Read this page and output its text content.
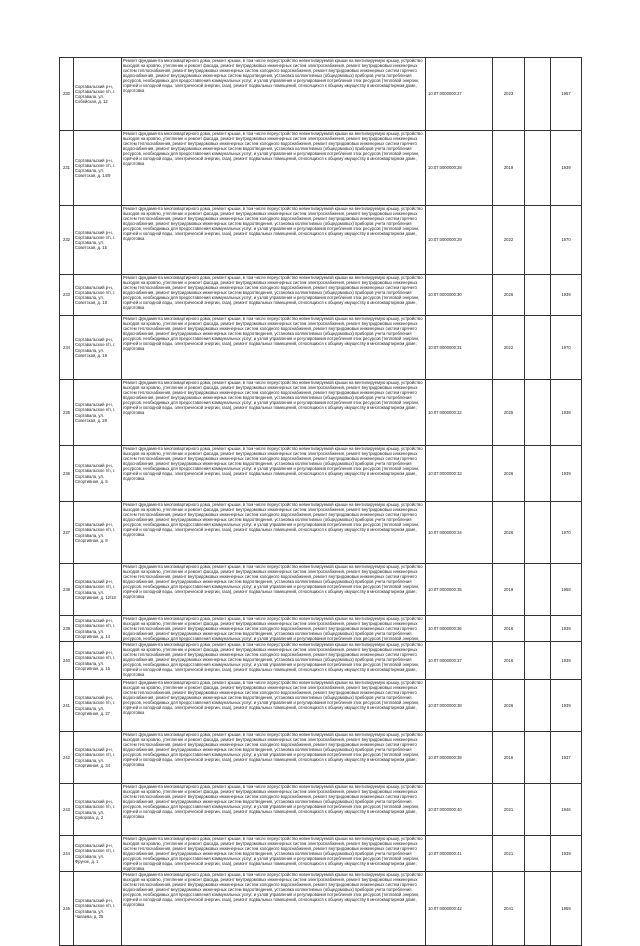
230	Сортавальский р-н, Сортавальское г/п, г. Сортавала, ул. Собейская, д. 12	Ремонт фундамента многоквартирного дома, ремонт крыши, в том числе переустройство невентилируемой крыши на вентилируемую крышу, устройство выходов на кровлю, утепление и ремонт фасада, ремонт внутридомовых инженерных систем электроснабжения, ремонт внутридомовых инженерных систем теплоснабжения, ремонт внутридомовых инженерных систем холодного водоснабжения, ремонт внутридомовых инженерных систем горячего водоснабжения, ремонт внутридомовых инженерных систем водоотведения, установка коллективных (общедомовых) приборов учета потребления ресурсов, необходимых для предоставления коммунальных услуг, и узлов управления и регулирования потребления этих ресурсов (тепловой энергии, горячей и холодной воды, электрической энергии, газа), ремонт подвальных помещений, относящихся к общему имуществу в многоквартирном доме, подготовка	10:07:0000000:27	2023		1957

231	Сортавальский р-н, Сортавальское г/п, г. Сортавала, ул. Советская, д. 14/9	Ремонт фундамента многоквартирного дома, ремонт крыши, в том числе переустройство невентилируемой крыши на вентилируемую крышу, устройство выходов на кровлю, утепление и ремонт фасада, ремонт внутридомовых инженерных систем электроснабжения, ремонт внутридомовых инженерных систем теплоснабжения, ремонт внутридомовых инженерных систем холодного водоснабжения, ремонт внутридомовых инженерных систем горячего водоснабжения, ремонт внутридомовых инженерных систем водоотведения, установка коллективных (общедомовых) приборов учета потребления ресурсов, необходимых для предоставления коммунальных услуг, и узлов управления и регулирования потребления этих ресурсов (тепловой энергии, горячей и холодной воды, электрической энергии, газа), ремонт подвальных помещений, относящихся к общему имуществу в многоквартирном доме, подготовка	10:07:0000000:28	2019		1939

232	Сортавальский р-н, Сортавальское г/п, г. Сортавала, ул. Советская, д. 15	Ремонт фундамента многоквартирного дома, ремонт крыши, в том числе переустройство невентилируемой крыши на вентилируемую крышу, устройство выходов на кровлю, утепление и ремонт фасада, ремонт внутридомовых инженерных систем электроснабжения, ремонт внутридомовых инженерных систем теплоснабжения, ремонт внутридомовых инженерных систем холодного водоснабжения, ремонт внутридомовых инженерных систем горячего водоснабжения, ремонт внутридомовых инженерных систем водоотведения, установка коллективных (общедомовых) приборов учета потребления ресурсов, необходимых для предоставления коммунальных услуг, и узлов управления и регулирования потребления этих ресурсов (тепловой энергии, горячей и холодной воды, электрической энергии, газа), ремонт подвальных помещений, относящихся к общему имуществу в многоквартирном доме, подготовка	10:07:0000000:29	2022		1970

233	Сортавальский р-н, Сортавальское г/п, г. Сортавала, ул. Советская, д. 18	Ремонт фундамента многоквартирного дома, ремонт крыши, в том числе переустройство невентилируемой крыши на вентилируемую крышу, устройство выходов на кровлю, утепление и ремонт фасада, ремонт внутридомовых инженерных систем электроснабжения, ремонт внутридомовых инженерных систем теплоснабжения, ремонт внутридомовых инженерных систем холодного водоснабжения, ремонт внутридомовых инженерных систем горячего водоснабжения, ремонт внутридомовых инженерных систем водоотведения, установка коллективных (общедомовых) приборов учета потребления ресурсов, необходимых для предоставления коммунальных услуг, и узлов управления и регулирования потребления этих ресурсов (тепловой энергии, горячей и холодной воды, электрической энергии, газа), ремонт подвальных помещений, относящихся к общему имуществу в многоквартирном доме, подготовка	10:07:0000000:30	2026		1939

234	Сортавальский р-н, Сортавальское г/п, г. Сортавала, ул. Советская, д. 19	Ремонт фундамента многоквартирного дома, ремонт крыши, в том числе переустройство невентилируемой крыши на вентилируемую крышу, устройство выходов на кровлю, утепление и ремонт фасада, ремонт внутридомовых инженерных систем электроснабжения, ремонт внутридомовых инженерных систем теплоснабжения, ремонт внутридомовых инженерных систем холодного водоснабжения, ремонт внутридомовых инженерных систем горячего водоснабжения, ремонт внутридомовых инженерных систем водоотведения, установка коллективных (общедомовых) приборов учета потребления ресурсов, необходимых для предоставления коммунальных услуг, и узлов управления и регулирования потребления этих ресурсов (тепловой энергии, горячей и холодной воды, электрической энергии, газа), ремонт подвальных помещений, относящихся к общему имуществу в многоквартирном доме, подготовка	10:07:0000000:31	2022		1970

235	Сортавальский р-н, Сортавальское г/п, г. Сортавала, ул. Советская, д. 28	Ремонт фундамента многоквартирного дома, ремонт крыши, в том числе переустройство невентилируемой крыши на вентилируемую крышу, устройство выходов на кровлю, утепление и ремонт фасада, ремонт внутридомовых инженерных систем электроснабжения, ремонт внутридомовых инженерных систем теплоснабжения, ремонт внутридомовых инженерных систем холодного водоснабжения, ремонт внутридомовых инженерных систем горячего водоснабжения, ремонт внутридомовых инженерных систем водоотведения, установка коллективных (общедомовых) приборов учета потребления ресурсов, необходимых для предоставления коммунальных услуг, и узлов управления и регулирования потребления этих ресурсов (тепловой энергии, горячей и холодной воды, электрической энергии, газа), ремонт подвальных помещений, относящихся к общему имуществу в многоквартирном доме, подготовка	10:07:0000000:32	2025		1938

236	Сортавальский р-н, Сортавальское г/п, г. Сортавала, ул. Спортивная, д. 5	Ремонт фундамента многоквартирного дома, ремонт крыши, в том числе переустройство невентилируемой крыши на вентилируемую крышу, устройство выходов на кровлю, утепление и ремонт фасада, ремонт внутридомовых инженерных систем электроснабжения, ремонт внутридомовых инженерных систем теплоснабжения, ремонт внутридомовых инженерных систем холодного водоснабжения, ремонт внутридомовых инженерных систем горячего водоснабжения, ремонт внутридомовых инженерных систем водоотведения, установка коллективных (общедомовых) приборов учета потребления ресурсов, необходимых для предоставления коммунальных услуг, и узлов управления и регулирования потребления этих ресурсов (тепловой энергии, горячей и холодной воды, электрической энергии, газа), ремонт подвальных помещений, относящихся к общему имуществу в многоквартирном доме, подготовка	10:07:0000000:33	2026		1939

237	Сортавальский р-н, Сортавальское г/п, г. Сортавала, ул. Спортивная, д. 8	Ремонт фундамента многоквартирного дома, ремонт крыши, в том числе переустройство невентилируемой крыши на вентилируемую крышу, устройство выходов на кровлю, утепление и ремонт фасада, ремонт внутридомовых инженерных систем электроснабжения, ремонт внутридомовых инженерных систем теплоснабжения, ремонт внутридомовых инженерных систем холодного водоснабжения, ремонт внутридомовых инженерных систем горячего водоснабжения, ремонт внутридомовых инженерных систем водоотведения, установка коллективных (общедомовых) приборов учета потребления ресурсов, необходимых для предоставления коммунальных услуг, и узлов управления и регулирования потребления этих ресурсов (тепловой энергии, горячей и холодной воды, электрической энергии, газа), ремонт подвальных помещений, относящихся к общему имуществу в многоквартирном доме, подготовка	10:07:0000000:34	2026		1970

238	Сортавальский р-н, Сортавальское г/п, г. Сортавала, ул. Спортивная, д. 12/18	Ремонт фундамента многоквартирного дома, ремонт крыши, в том числе переустройство невентилируемой крыши на вентилируемую крышу, устройство выходов на кровлю, утепление и ремонт фасада, ремонт внутридомовых инженерных систем электроснабжения, ремонт внутридомовых инженерных систем теплоснабжения, ремонт внутридомовых инженерных систем холодного водоснабжения, ремонт внутридомовых инженерных систем горячего водоснабжения, ремонт внутридомовых инженерных систем водоотведения, установка коллективных (общедомовых) приборов учета потребления ресурсов, необходимых для предоставления коммунальных услуг, и узлов управления и регулирования потребления этих ресурсов (тепловой энергии, горячей и холодной воды, электрической энергии, газа), ремонт подвальных помещений, относящихся к общему имуществу в многоквартирном доме, подготовка	10:07:0000000:35	2019		1958

239	Сортавальский р-н, Сортавальское г/п, г. Сортавала, ул. Спортивная, д. 14	Ремонт фундамента многоквартирного дома, ремонт крыши, в том числе переустройство невентилируемой крыши на вентилируемую крышу, устройство выходов на кровлю, утепление и ремонт фасада, ремонт внутридомовых инженерных систем электроснабжения, ремонт внутридомовых инженерных систем теплоснабжения, ремонт внутридомовых инженерных систем холодного водоснабжения, ремонт внутридомовых инженерных систем горячего водоснабжения, ремонт внутридомовых инженерных систем водоотведения, установка коллективных (общедомовых) приборов учета потребления ресурсов, необходимых для предоставления коммунальных услуг, и узлов управления и регулирования потребления этих ресурсов (тепловой энергии,	10:07:0000000:36	2016		1939

240	Сортавальский р-н, Сортавальское г/п, г. Сортавала, ул. Спортивная, д. 15	Ремонт фундамента многоквартирного дома, ремонт крыши, в том числе переустройство невентилируемой крыши на вентилируемую крышу, устройство выходов на кровлю, утепление и ремонт фасада, ремонт внутридомовых инженерных систем электроснабжения, ремонт внутридомовых инженерных систем теплоснабжения, ремонт внутридомовых инженерных систем холодного водоснабжения, ремонт внутридомовых инженерных систем горячего водоснабжения, ремонт внутридомовых инженерных систем водоотведения, установка коллективных (общедомовых) приборов учета потребления ресурсов, необходимых для предоставления коммунальных услуг, и узлов управления и регулирования потребления этих ресурсов (тепловой энергии, горячей и холодной воды, электрической энергии, газа), ремонт подвальных помещений, относящихся к общему имуществу в многоквартирном доме, подготовка	10:07:0000000:37	2016		1939

241	Сортавальский р-н, Сортавальское г/п, г. Сортавала, ул. Спортивная, д. 27	Ремонт фундамента многоквартирного дома, ремонт крыши, в том числе переустройство невентилируемой крыши на вентилируемую крышу, устройство выходов на кровлю, утепление и ремонт фасада, ремонт внутридомовых инженерных систем электроснабжения, ремонт внутридомовых инженерных систем теплоснабжения, ремонт внутридомовых инженерных систем холодного водоснабжения, ремонт внутридомовых инженерных систем горячего водоснабжения, ремонт внутридомовых инженерных систем водоотведения, установка коллективных (общедомовых) приборов учета потребления ресурсов, необходимых для предоставления коммунальных услуг, и узлов управления и регулирования потребления этих ресурсов (тепловой энергии, горячей и холодной воды, электрической энергии, газа), ремонт подвальных помещений, относящихся к общему имуществу в многоквартирном доме, подготовка	10:07:0000000:38	2026		1939

242	Сортавальский р-н, Сортавальское г/п, г. Сортавала, ул. Спортивная, д. 34	Ремонт фундамента многоквартирного дома, ремонт крыши, в том числе переустройство невентилируемой крыши на вентилируемую крышу, устройство выходов на кровлю, утепление и ремонт фасада, ремонт внутридомовых инженерных систем электроснабжения, ремонт внутридомовых инженерных систем теплоснабжения, ремонт внутридомовых инженерных систем холодного водоснабжения, ремонт внутридомовых инженерных систем горячего водоснабжения, ремонт внутридомовых инженерных систем водоотведения, установка коллективных (общедомовых) приборов учета потребления ресурсов, необходимых для предоставления коммунальных услуг, и узлов управления и регулирования потребления этих ресурсов (тепловой энергии, горячей и холодной воды, электрической энергии, газа), ремонт подвальных помещений, относящихся к общему имуществу в многоквартирном доме, подготовка	10:07:0000000:39	2016		1937

243	Сортавальский р-н, Сортавальское г/п, г. Сортавала, ул. Суворова, д. 2	Ремонт фундамента многоквартирного дома, ремонт крыши, в том числе переустройство невентилируемой крыши на вентилируемую крышу, устройство выходов на кровлю, утепление и ремонт фасада, ремонт внутридомовых инженерных систем электроснабжения, ремонт внутридомовых инженерных систем теплоснабжения, ремонт внутридомовых инженерных систем холодного водоснабжения, ремонт внутридомовых инженерных систем горячего водоснабжения, ремонт внутридомовых инженерных систем водоотведения, установка коллективных (общедомовых) приборов учета потребления ресурсов, необходимых для предоставления коммунальных услуг, и узлов управления и регулирования потребления этих ресурсов (тепловой энергии, горячей и холодной воды, электрической энергии, газа), ремонт подвальных помещений, относящихся к общему имуществу в многоквартирном доме, подготовка	10:07:0000000:40	2021		1946

244	Сортавальский р-н, Сортавальское г/п, г. Сортавала, ул. Фрунзе, д. 1	Ремонт фундамента многоквартирного дома, ремонт крыши, в том числе переустройство невентилируемой крыши на вентилируемую крышу, устройство выходов на кровлю, утепление и ремонт фасада, ремонт внутридомовых инженерных систем электроснабжения, ремонт внутридомовых инженерных систем теплоснабжения, ремонт внутридомовых инженерных систем холодного водоснабжения, ремонт внутридомовых инженерных систем горячего водоснабжения, ремонт внутридомовых инженерных систем водоотведения, установка коллективных (общедомовых) приборов учета потребления ресурсов, необходимых для предоставления коммунальных услуг, и узлов управления и регулирования потребления этих ресурсов (тепловой энергии, горячей и холодной воды, электрической энергии, газа), ремонт подвальных помещений, относящихся к общему имуществу в многоквартирном доме, подготовка	10:07:0000000:41	2021		1939

245	Сортавальский р-н, Сортавальское г/п, г. Сортавала, ул. Чапаева, д. 25	Ремонт фундамента многоквартирного дома, ремонт крыши, в том числе переустройство невентилируемой крыши на вентилируемую крышу, устройство выходов на кровлю, утепление и ремонт фасада, ремонт внутридомовых инженерных систем электроснабжения, ремонт внутридомовых инженерных систем теплоснабжения, ремонт внутридомовых инженерных систем холодного водоснабжения, ремонт внутридомовых инженерных систем горячего водоснабжения, ремонт внутридомовых инженерных систем водоотведения, установка коллективных (общедомовых) приборов учета потребления ресурсов, необходимых для предоставления коммунальных услуг, и узлов управления и регулирования потребления этих ресурсов (тепловой энергии, горячей и холодной воды, электрической энергии, газа), ремонт подвальных помещений, относящихся к общему имуществу в многоквартирном доме, подготовка	10:07:0000000:42	2041		1959
